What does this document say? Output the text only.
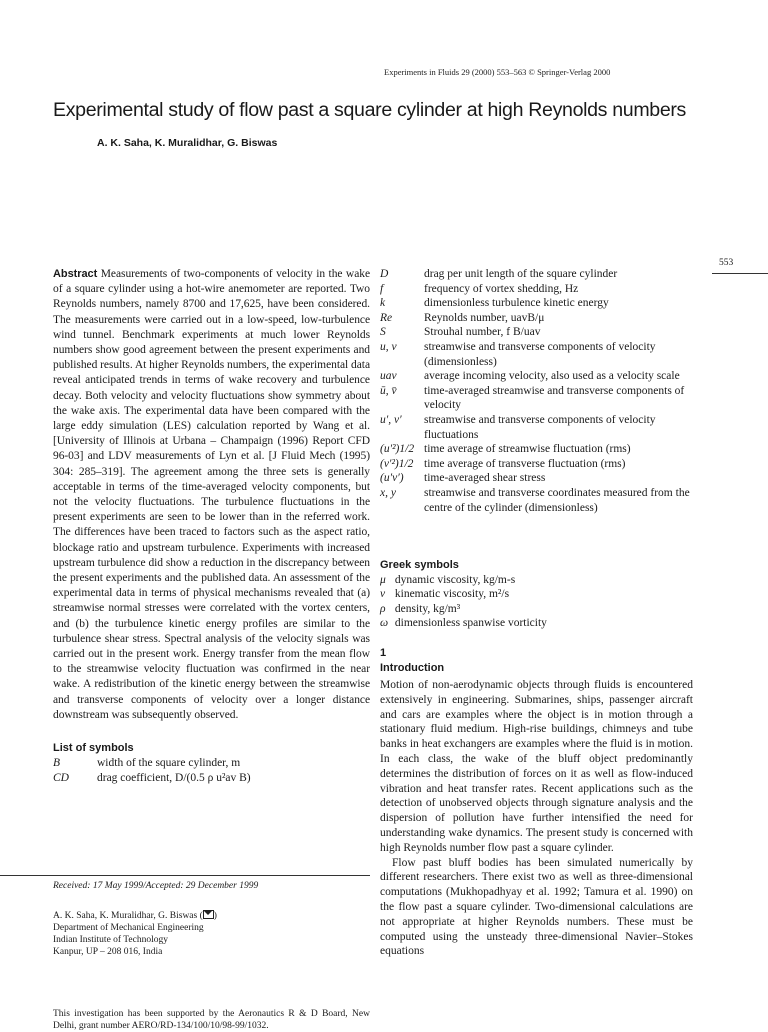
Experiments in Fluids 29 (2000) 553–563 © Springer-Verlag 2000
Experimental study of flow past a square cylinder at high Reynolds numbers
A. K. Saha, K. Muralidhar, G. Biswas
553

Abstract Measurements of two-components of velocity in the wake of a square cylinder using a hot-wire anemometer are reported. Two Reynolds numbers, namely 8700 and 17,625, have been considered. The measurements were carried out in a low-speed, low-turbulence wind tunnel. Benchmark experiments at much lower Reynolds numbers show good agreement between the present experiments and published results. At higher Reynolds numbers, the experimental data reveal anticipated trends in terms of wake recovery and turbulence decay. Both velocity and velocity fluctuations show symmetry about the wake axis. The experimental data have been compared with the large eddy simulation (LES) calculation reported by Wang et al. [University of Illinois at Urbana – Champaign (1996) Report CFD 96-03] and LDV measurements of Lyn et al. [J Fluid Mech (1995) 304: 285–319]. The agreement among the three sets is generally acceptable in terms of the time-averaged velocity components, but not the velocity fluctuations. The turbulence fluctuations in the present experiments are seen to be lower than in the referred work. The differences have been traced to factors such as the aspect ratio, blockage ratio and upstream turbulence. Experiments with increased upstream turbulence did show a reduction in the discrepancy between the present experiments and the published data. An assessment of the experimental data in terms of physical mechanisms revealed that (a) streamwise normal stresses were correlated with the vortex centers, and (b) the turbulence kinetic energy profiles are similar to the turbulence shear stress. Spectral analysis of the velocity signals was carried out in the present work. Energy transfer from the mean flow to the streamwise velocity fluctuation was confirmed in the near wake. A redistribution of the kinetic energy between the streamwise and transverse components of velocity over a longer distance downstream was subsequently observed.

List of symbols
B	width of the square cylinder, m
CD	drag coefficient, D/(0.5 ρ u²av B)
D	drag per unit length of the square cylinder
f	frequency of vortex shedding, Hz
k	dimensionless turbulence kinetic energy
Re	Reynolds number, uavB/μ
S	Strouhal number, f B/uav
u, v	streamwise and transverse components of velocity (dimensionless)
uav	average incoming velocity, also used as a velocity scale
ū, v̄	time-averaged streamwise and transverse components of velocity
u′, v′	streamwise and transverse components of velocity fluctuations
(u′²)1/2 time average of streamwise fluctuation (rms)
(v′²)1/2 time average of transverse fluctuation (rms)
(u′v′)	time-averaged shear stress
x, y	streamwise and transverse coordinates measured from the centre of the cylinder (dimensionless)
Greek symbols
μ dynamic viscosity, kg/m-s
ν kinematic viscosity, m²/s
ρ density, kg/m³
ω dimensionless spanwise vorticity
1
Introduction

Motion of non-aerodynamic objects through fluids is encountered extensively in engineering. Submarines, ships, passenger aircraft and cars are examples where the object is in motion through a stationary fluid medium. High-rise buildings, chimneys and tube banks in heat exchangers are examples where the fluid is in motion. In each class, the wake of the bluff object predominantly determines the distribution of forces on it as well as flow-induced vibration and heat transfer rates. Recent applications such as the detection of unobserved objects through signature analysis and the dispersion of pollution have further intensified the need for understanding wake dynamics. The present study is concerned with high Reynolds number flow past a square cylinder.

Flow past bluff bodies has been simulated numerically by different researchers. There exist two as well as three-dimensional computations (Mukhopadhyay et al. 1992; Tamura et al. 1990) on the flow past a square cylinder. Two-dimensional calculations are not appropriate at higher Reynolds numbers. These must be computed using the unsteady three-dimensional Navier–Stokes equations

Received: 17 May 1999/Accepted: 29 December 1999
A. K. Saha, K. Muralidhar, G. Biswas ( )
Department of Mechanical Engineering
Indian Institute of Technology
Kanpur, UP – 208 016, India
This investigation has been supported by the Aeronautics R & D Board, New Delhi, grant number AERO/RD-134/100/10/98-99/1032.
